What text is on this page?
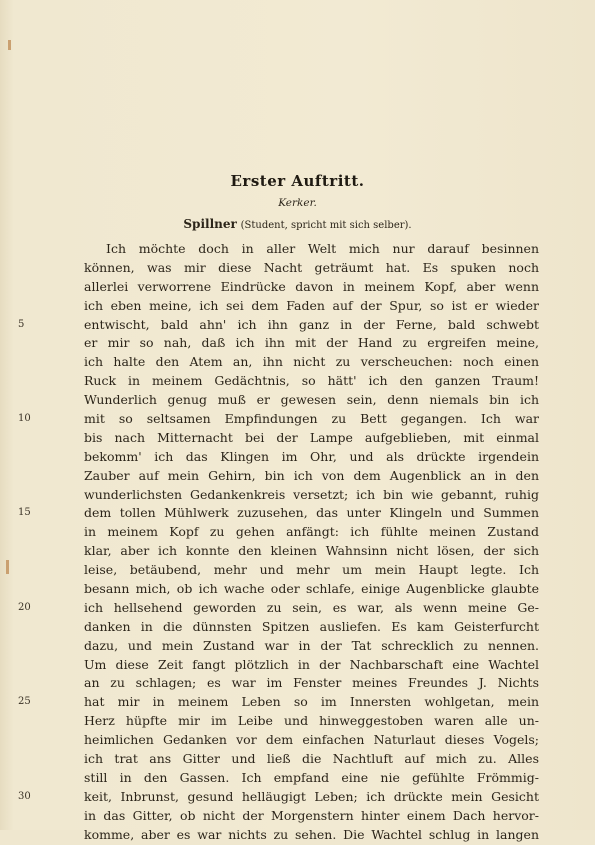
Erster Auftritt.
Kerker.
Spillner (Student, spricht mit sich selber).
Ich möchte doch in aller Welt mich nur darauf besinnen
können, was mir diese Nacht geträumt hat. Es spuken noch
allerlei verworrene Eindrücke davon in meinem Kopf, aber wenn
ich eben meine, ich sei dem Faden auf der Spur, so ist er wieder
5	entwischt, bald ahn' ich ihn ganz in der Ferne, bald schwebt
er mir so nah, daß ich ihn mit der Hand zu ergreifen meine,
ich halte den Atem an, ihn nicht zu verscheuchen: noch einen
Ruck in meinem Gedächtnis, so hätt' ich den ganzen Traum!
Wunderlich genug muß er gewesen sein, denn niemals bin ich
10	mit so seltsamen Empfindungen zu Bett gegangen. Ich war
bis nach Mitternacht bei der Lampe aufgeblieben, mit einmal
bekomm' ich das Klingen im Ohr, und als drückte irgendein
Zauber auf mein Gehirn, bin ich von dem Augenblick an in den
wunderlichsten Gedankenkreis versetzt; ich bin wie gebannt, ruhig
15	dem tollen Mühlwerk zuzusehen, das unter Klingeln und Summen
in meinem Kopf zu gehen anfängt: ich fühlte meinen Zustand
klar, aber ich konnte den kleinen Wahnsinn nicht lösen, der sich
leise, betäubend, mehr und mehr um mein Haupt legte. Ich
besann mich, ob ich wache oder schlafe, einige Augenblicke glaubte
20	ich hellsehend geworden zu sein, es war, als wenn meine Ge-
danken in die dünnsten Spitzen ausliefen. Es kam Geisterfurcht
dazu, und mein Zustand war in der Tat schrecklich zu nennen.
Um diese Zeit fangt plötzlich in der Nachbarschaft eine Wachtel
an zu schlagen; es war im Fenster meines Freundes J. Nichts
25	hat mir in meinem Leben so im Innersten wohlgetan, mein
Herz hüpfte mir im Leibe und hinweggestoben waren alle un-
heimlichen Gedanken vor dem einfachen Naturlaut dieses Vogels;
ich trat ans Gitter und ließ die Nachtluft auf mich zu. Alles
still in den Gassen. Ich empfand eine nie gefühlte Frömmig-
30	keit, Inbrunst, gesund helläugigt Leben; ich drückte mein Gesicht
in das Gitter, ob nicht der Morgenstern hinter einem Dach hervor-
komme, aber es war nichts zu sehen. Die Wachtel schlug in langen
